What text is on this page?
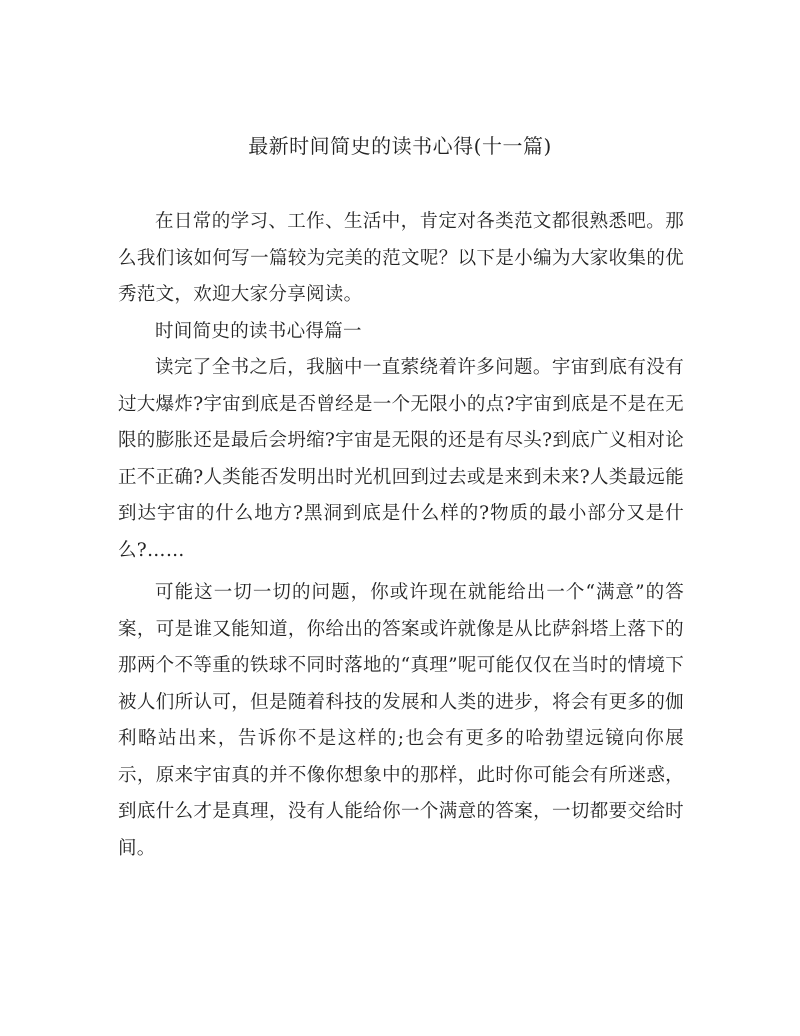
最新时间简史的读书心得(十一篇)

在日常的学习、工作、生活中，肯定对各类范文都很熟悉吧。那么我们该如何写一篇较为完美的范文呢？以下是小编为大家收集的优秀范文，欢迎大家分享阅读。

时间简史的读书心得篇一

读完了全书之后，我脑中一直萦绕着许多问题。宇宙到底有没有过大爆炸?宇宙到底是否曾经是一个无限小的点?宇宙到底是不是在无限的膨胀还是最后会坍缩?宇宙是无限的还是有尽头?到底广义相对论正不正确?人类能否发明出时光机回到过去或是来到未来?人类最远能到达宇宙的什么地方?黑洞到底是什么样的?物质的最小部分又是什么?……

可能这一切一切的问题，你或许现在就能给出一个“满意”的答案，可是谁又能知道，你给出的答案或许就像是从比萨斜塔上落下的那两个不等重的铁球不同时落地的“真理”呢可能仅仅在当时的情境下被人们所认可，但是随着科技的发展和人类的进步，将会有更多的伽利略站出来，告诉你不是这样的;也会有更多的哈勃望远镜向你展示，原来宇宙真的并不像你想象中的那样，此时你可能会有所迷惑，到底什么才是真理，没有人能给你一个满意的答案，一切都要交给时间。
